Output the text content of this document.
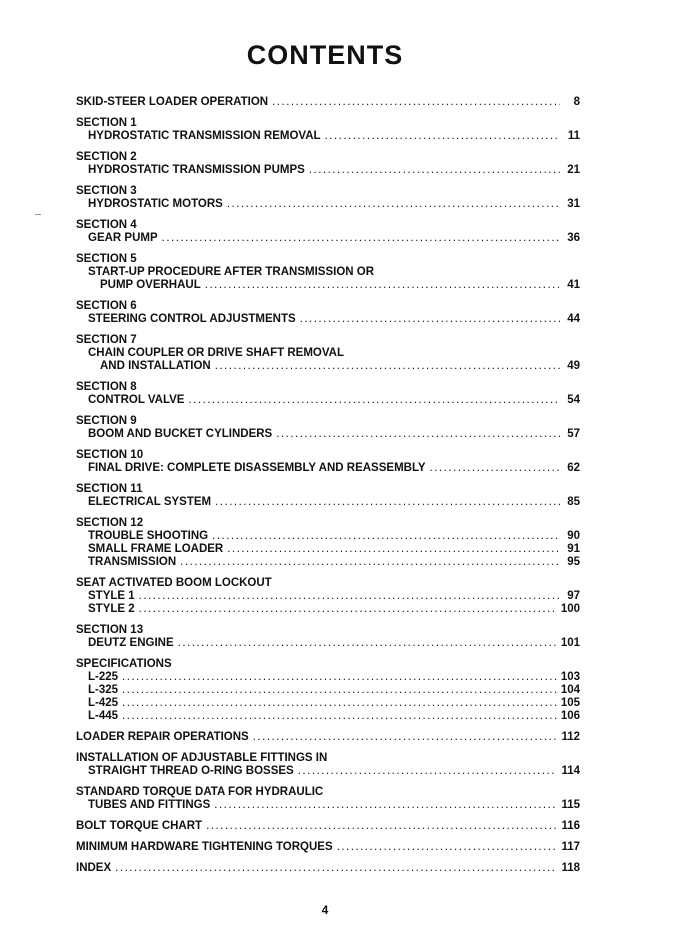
CONTENTS
SKID-STEER LOADER OPERATION .....	8
SECTION 1
HYDROSTATIC TRANSMISSION REMOVAL .....	11
SECTION 2
HYDROSTATIC TRANSMISSION PUMPS .....	21
SECTION 3
HYDROSTATIC MOTORS .....	31
SECTION 4
GEAR PUMP .....	36
SECTION 5
START-UP PROCEDURE AFTER TRANSMISSION OR
PUMP OVERHAUL .....	41
SECTION 6
STEERING CONTROL ADJUSTMENTS .....	44
SECTION 7
CHAIN COUPLER OR DRIVE SHAFT REMOVAL
AND INSTALLATION .....	49
SECTION 8
CONTROL VALVE .....	54
SECTION 9
BOOM AND BUCKET CYLINDERS .....	57
SECTION 10
FINAL DRIVE: COMPLETE DISASSEMBLY AND REASSEMBLY .....	62
SECTION 11
ELECTRICAL SYSTEM .....	85
SECTION 12
TROUBLE SHOOTING .....	90
SMALL FRAME LOADER .....	91
TRANSMISSION .....	95
SEAT ACTIVATED BOOM LOCKOUT
STYLE 1 .....	97
STYLE 2 .....	100
SECTION 13
DEUTZ ENGINE .....	101
SPECIFICATIONS
L-225 .....	103
L-325 .....	104
L-425 .....	105
L-445 .....	106
LOADER REPAIR OPERATIONS .....	112
INSTALLATION OF ADJUSTABLE FITTINGS IN
STRAIGHT THREAD O-RING BOSSES .....	114
STANDARD TORQUE DATA FOR HYDRAULIC
TUBES AND FITTINGS .....	115
BOLT TORQUE CHART .....	116
MINIMUM HARDWARE TIGHTENING TORQUES .....	117
INDEX .....	118
4
